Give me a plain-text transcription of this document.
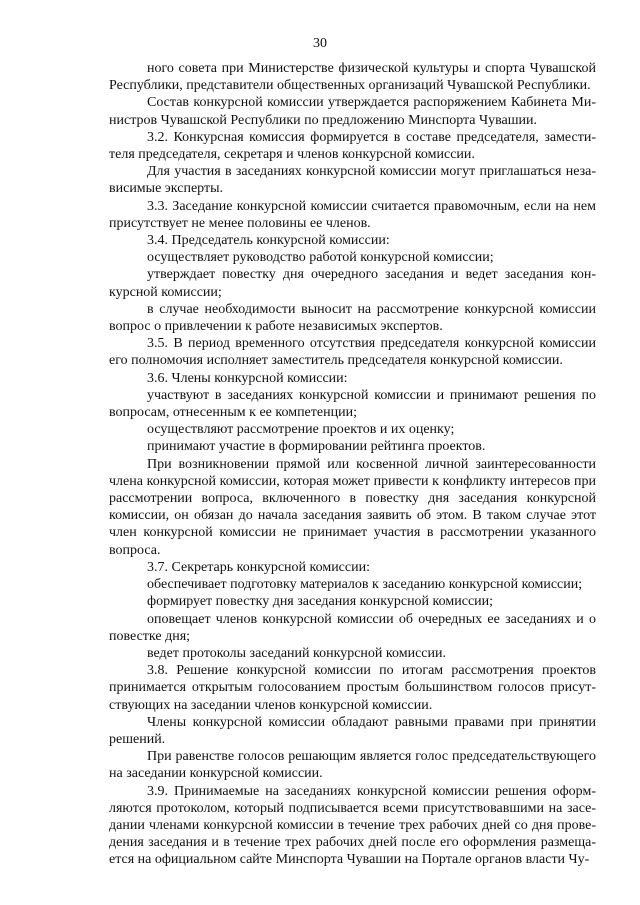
30

ного совета при Министерстве физической культуры и спорта Чувашской Республики, представители общественных организаций Чувашской Республики.

Состав конкурсной комиссии утверждается распоряжением Кабинета Министров Чувашской Республики по предложению Минспорта Чувашии.

3.2. Конкурсная комиссия формируется в составе председателя, заместителя председателя, секретаря и членов конкурсной комиссии.

Для участия в заседаниях конкурсной комиссии могут приглашаться независимые эксперты.

3.3. Заседание конкурсной комиссии считается правомочным, если на нем присутствует не менее половины ее членов.

3.4. Председатель конкурсной комиссии:

осуществляет руководство работой конкурсной комиссии;

утверждает повестку дня очередного заседания и ведет заседания конкурсной комиссии;

в случае необходимости выносит на рассмотрение конкурсной комиссии вопрос о привлечении к работе независимых экспертов.

3.5. В период временного отсутствия председателя конкурсной комиссии его полномочия исполняет заместитель председателя конкурсной комиссии.

3.6. Члены конкурсной комиссии:

участвуют в заседаниях конкурсной комиссии и принимают решения по вопросам, отнесенным к ее компетенции;

осуществляют рассмотрение проектов и их оценку;

принимают участие в формировании рейтинга проектов.

При возникновении прямой или косвенной личной заинтересованности члена конкурсной комиссии, которая может привести к конфликту интересов при рассмотрении вопроса, включенного в повестку дня заседания конкурсной комиссии, он обязан до начала заседания заявить об этом. В таком случае этот член конкурсной комиссии не принимает участия в рассмотрении указанного вопроса.

3.7. Секретарь конкурсной комиссии:

обеспечивает подготовку материалов к заседанию конкурсной комиссии;

формирует повестку дня заседания конкурсной комиссии;

оповещает членов конкурсной комиссии об очередных ее заседаниях и о повестке дня;

ведет протоколы заседаний конкурсной комиссии.

3.8. Решение конкурсной комиссии по итогам рассмотрения проектов принимается открытым голосованием простым большинством голосов присутствующих на заседании членов конкурсной комиссии.

Члены конкурсной комиссии обладают равными правами при принятии решений.

При равенстве голосов решающим является голос председательствующего на заседании конкурсной комиссии.

3.9. Принимаемые на заседаниях конкурсной комиссии решения оформляются протоколом, который подписывается всеми присутствовавшими на заседании членами конкурсной комиссии в течение трех рабочих дней со дня проведения заседания и в течение трех рабочих дней после его оформления размещается на официальном сайте Минспорта Чувашии на Портале органов власти Чу-
